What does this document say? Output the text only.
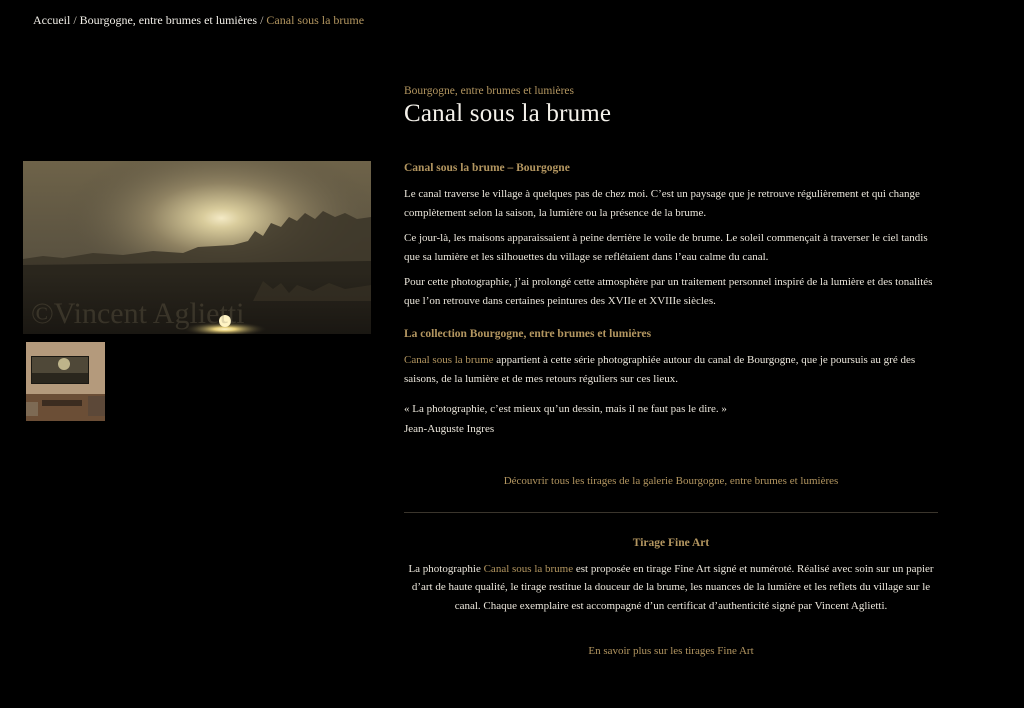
Accueil / Bourgogne, entre brumes et lumières / Canal sous la brume
©Vincent Aglietti

Bourgogne, entre brumes et lumières

Canal sous la brume
Canal sous la brume – Bourgogne

Le canal traverse le village à quelques pas de chez moi. C’est un paysage que je retrouve régulièrement et qui change complètement selon la saison, la lumière ou la présence de la brume.

Ce jour-là, les maisons apparaissaient à peine derrière le voile de brume. Le soleil commençait à traverser le ciel tandis que sa lumière et les silhouettes du village se reflétaient dans l’eau calme du canal.

Pour cette photographie, j’ai prolongé cette atmosphère par un traitement personnel inspiré de la lumière et des tonalités que l’on retrouve dans certaines peintures des XVIIe et XVIIIe siècles.

La collection Bourgogne, entre brumes et lumières

Canal sous la brume appartient à cette série photographiée autour du canal de Bourgogne, que je poursuis au gré des saisons, de la lumière et de mes retours réguliers sur ces lieux.

« La photographie, c’est mieux qu’un dessin, mais il ne faut pas le dire. »

Jean-Auguste Ingres

Découvrir tous les tirages de la galerie Bourgogne, entre brumes et lumières

Tirage Fine Art

La photographie Canal sous la brume est proposée en tirage Fine Art signé et numéroté. Réalisé avec soin sur un papier d’art de haute qualité, le tirage restitue la douceur de la brume, les nuances de la lumière et les reflets du village sur le canal. Chaque exemplaire est accompagné d’un certificat d’authenticité signé par Vincent Aglietti.

En savoir plus sur les tirages Fine Art
